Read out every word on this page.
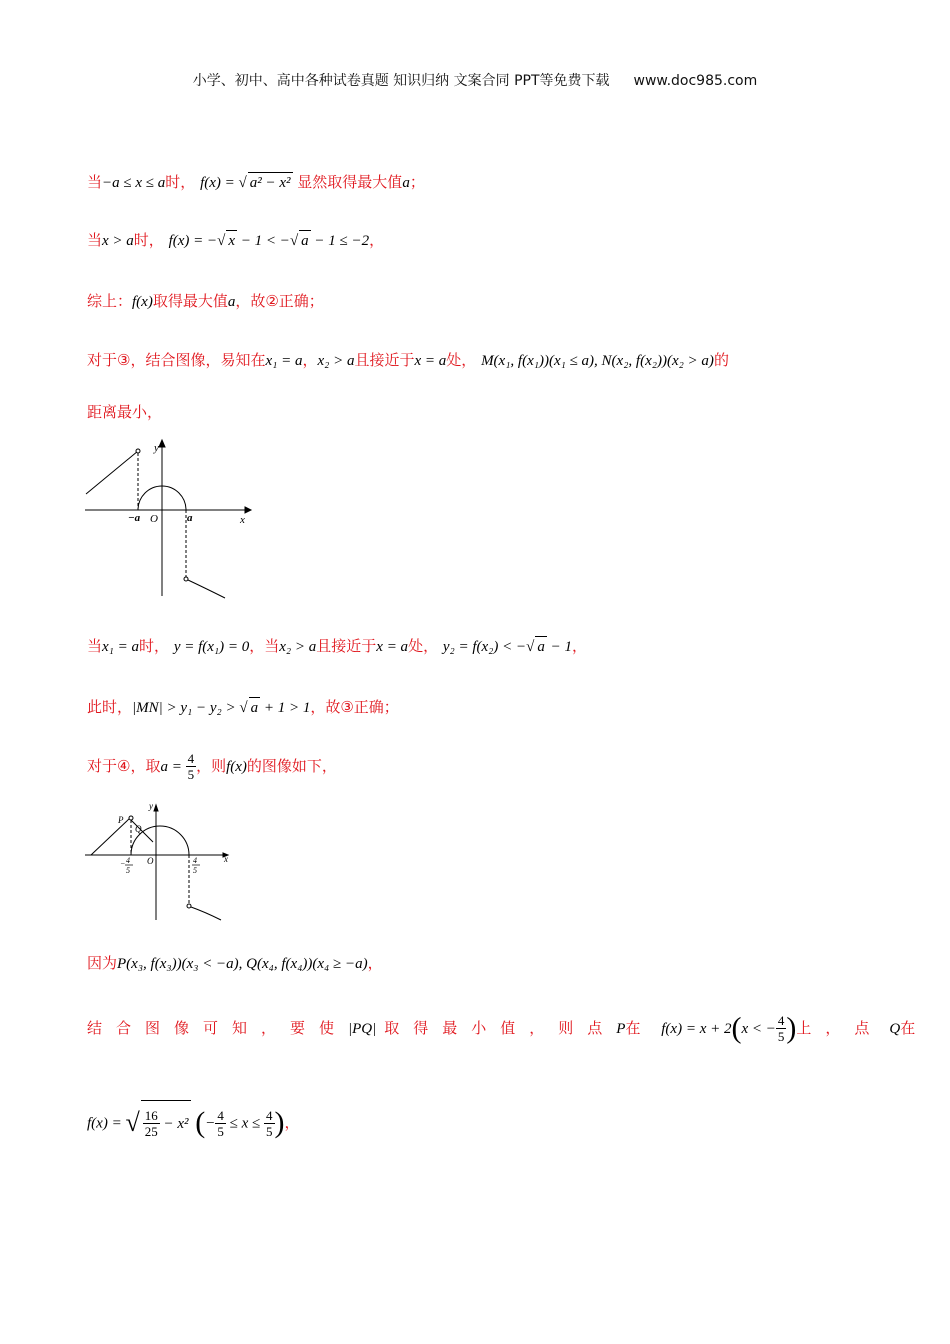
小学、初中、高中各种试卷真题 知识归纳 文案合同 PPT等免费下载 www.doc985.com
当−a ≤ x ≤ a时， f(x) = √ a² − x² 显然取得最大值a；
当x > a时， f(x) = −√ x − 1 < −√ a − 1 ≤ −2，
综上：f(x)取得最大值a，故②正确；
对于③，结合图像，易知在x₁ = a，x₂ > a且接近于x = a处， M(x₁, f(x₁))(x₁ ≤ a), N(x₂, f(x₂))(x₂ > a)的
距离最小，
y
x
−a O	a
当x₁ = a时， y = f(x₁) = 0，当x₂ > a且接近于x = a处， y₂ = f(x₂) < −√ a − 1，
此时，|MN| > y₁ − y₂ > √ a + 1 > 1，故③正确；
对于④，取$a = \frac{4}{5}$ ，则f(x)的图像如下，
y
x
P
Q
O
− 4
5
4
5
因为P(x₃, f(x₃))(x₃ < −a), Q(x₄, f(x₄))(x₄ ≥ −a)，
结合图像可知，要使|PQ| 取得最小值，则点P在 f(x) = x + 2(x < − $\frac{4}{5}$ )上，点 Q在
f(x) = √ $\frac{16}{25} - x^2$ (− $\frac{4}{5} \le x \le \frac{4}{5}$ )，
